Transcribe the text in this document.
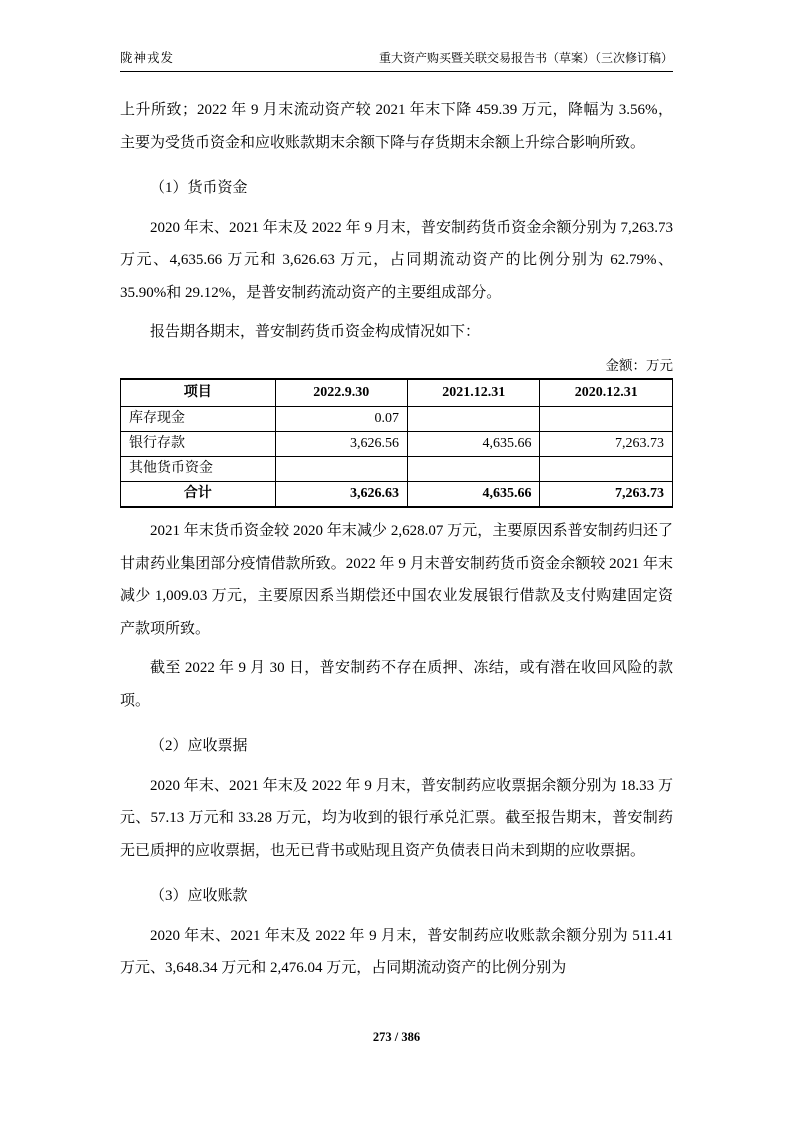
陇神戎发	重大资产购买暨关联交易报告书（草案）（三次修订稿）

上升所致；2022 年 9 月末流动资产较 2021 年末下降 459.39 万元，降幅为 3.56%， 主要为受货币资金和应收账款期末余额下降与存货期末余额上升综合影响所致。

（1）货币资金

2020 年末、2021 年末及 2022 年 9 月末，普安制药货币资金余额分别为 7,263.73 万元、4,635.66 万元和 3,626.63 万元，占同期流动资产的比例分别为 62.79%、35.90%和 29.12%，是普安制药流动资产的主要组成部分。

报告期各期末，普安制药货币资金构成情况如下：

金额：万元
项目	2022.9.30	2021.12.31	2020.12.31
库存现金	0.07		
银行存款	3,626.56	4,635.66	7,263.73
其他货币资金			
合计	3,626.63	4,635.66	7,263.73

2021 年末货币资金较 2020 年末减少 2,628.07 万元，主要原因系普安制药归还了甘肃药业集团部分疫情借款所致。2022 年 9 月末普安制药货币资金余额较 2021 年末减少 1,009.03 万元，主要原因系当期偿还中国农业发展银行借款及支付购建固定资产款项所致。

截至 2022 年 9 月 30 日，普安制药不存在质押、冻结，或有潜在收回风险的款项。

（2）应收票据

2020 年末、2021 年末及 2022 年 9 月末，普安制药应收票据余额分别为 18.33 万元、57.13 万元和 33.28 万元，均为收到的银行承兑汇票。截至报告期末，普安制药无已质押的应收票据，也无已背书或贴现且资产负债表日尚未到期的应收票据。

（3）应收账款

2020 年末、2021 年末及 2022 年 9 月末，普安制药应收账款余额分别为 511.41 万元、3,648.34 万元和 2,476.04 万元，占同期流动资产的比例分别为

273 / 386
